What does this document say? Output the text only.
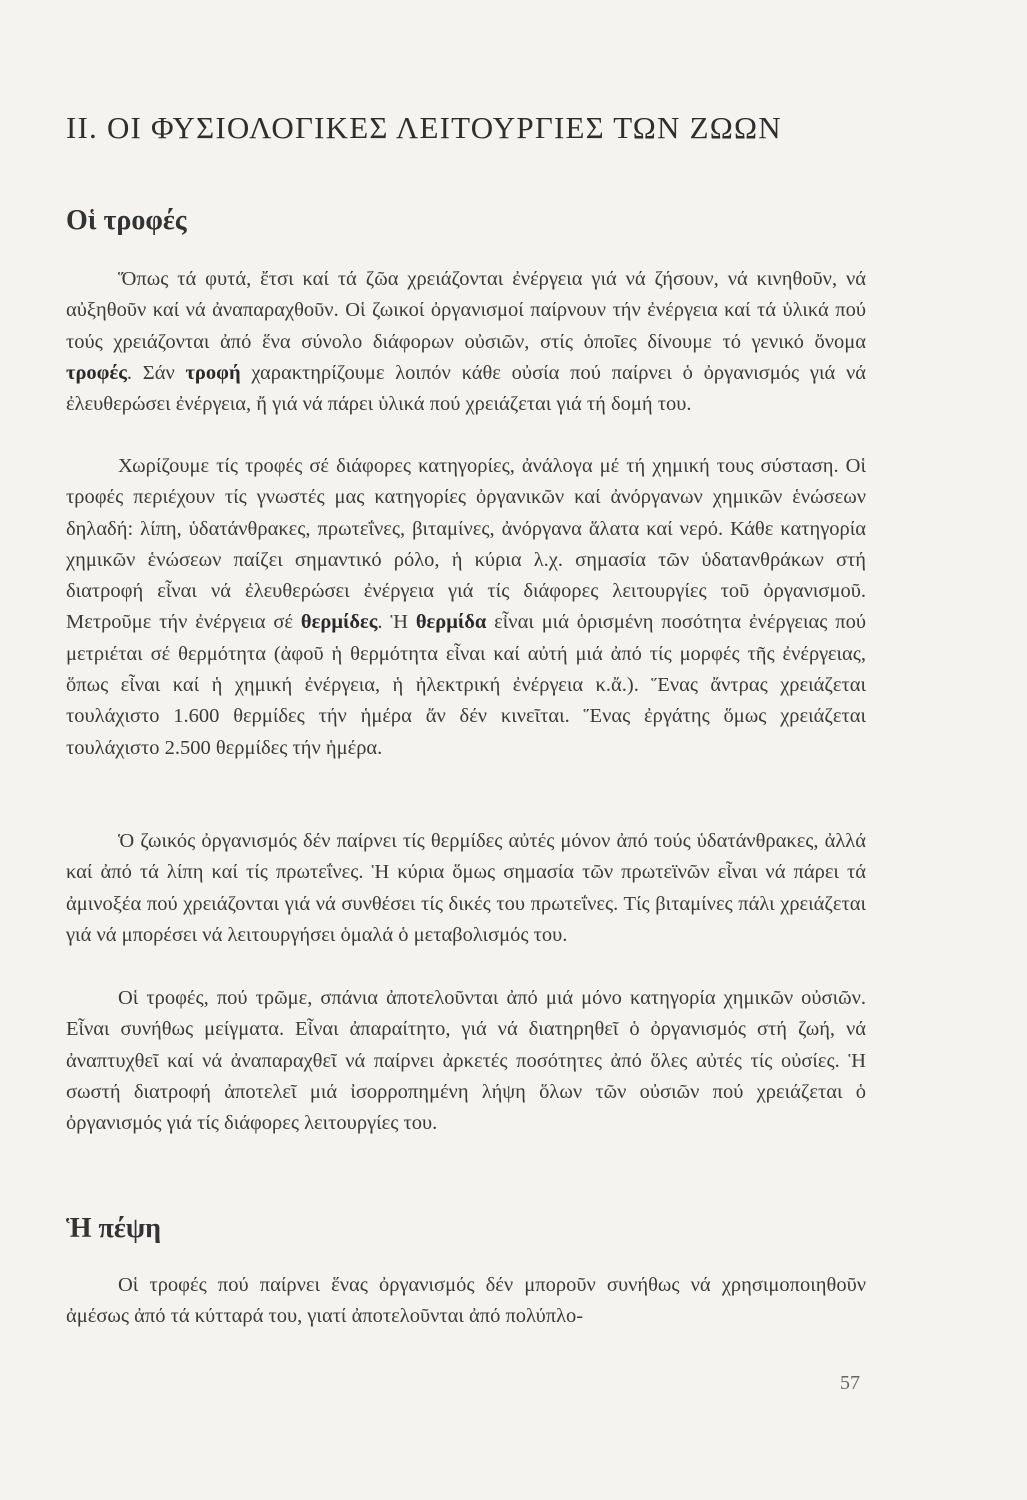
II. ΟΙ ΦΥΣΙΟΛΟΓΙΚΕΣ ΛΕΙΤΟΥΡΓΙΕΣ ΤΩΝ ΖΩΩΝ
Οἱ τροφές

Ὅπως τά φυτά, ἔτσι καί τά ζῶα χρειάζονται ἐνέργεια γιά νά ζήσουν, νά κινηθοῦν, νά αὐξηθοῦν καί νά ἀναπαραχθοῦν. Οἱ ζωικοί ὀργανισμοί παίρνουν τήν ἐνέργεια καί τά ὑλικά πού τούς χρειάζονται ἀπό ἕνα σύνολο διάφορων οὐσιῶν, στίς ὁποῖες δίνουμε τό γενικό ὄνομα τροφές. Σάν τροφή χαρακτηρίζουμε λοιπόν κάθε οὐσία πού παίρνει ὁ ὀργανισμός γιά νά ἐλευθερώσει ἐνέργεια, ἤ γιά νά πάρει ὑλικά πού χρειάζεται γιά τή δομή του.

Χωρίζουμε τίς τροφές σέ διάφορες κατηγορίες, ἀνάλογα μέ τή χημική τους σύσταση. Οἱ τροφές περιέχουν τίς γνωστές μας κατηγορίες ὀργανικῶν καί ἀνόργανων χημικῶν ἑνώσεων δηλαδή: λίπη, ὑδατάνθρακες, πρωτεΐνες, βιταμίνες, ἀνόργανα ἅλατα καί νερό. Κάθε κατηγορία χημικῶν ἑνώσεων παίζει σημαντικό ρόλο, ἡ κύρια λ.χ. σημασία τῶν ὑδατανθράκων στή διατροφή εἶναι νά ἐλευθερώσει ἐνέργεια γιά τίς διάφορες λειτουργίες τοῦ ὀργανισμοῦ. Μετροῦμε τήν ἐνέργεια σέ θερμίδες. Ἡ θερμίδα εἶναι μιά ὁρισμένη ποσότητα ἐνέργειας πού μετριέται σέ θερμότητα (ἀφοῦ ἡ θερμότητα εἶναι καί αὐτή μιά ἀπό τίς μορφές τῆς ἐνέργειας, ὅπως εἶναι καί ἡ χημική ἐνέργεια, ἡ ἠλεκτρική ἐνέργεια κ.ἄ.). Ἕνας ἄντρας χρειάζεται τουλάχιστο 1.600 θερμίδες τήν ἡμέρα ἄν δέν κινεῖται. Ἕνας ἐργάτης ὅμως χρειάζεται τουλάχιστο 2.500 θερμίδες τήν ἡμέρα.

Ὁ ζωικός ὀργανισμός δέν παίρνει τίς θερμίδες αὐτές μόνον ἀπό τούς ὑδατάνθρακες, ἀλλά καί ἀπό τά λίπη καί τίς πρωτεΐνες. Ἡ κύρια ὅμως σημασία τῶν πρωτεϊνῶν εἶναι νά πάρει τά ἀμινοξέα πού χρειάζονται γιά νά συνθέσει τίς δικές του πρωτεΐνες. Τίς βιταμίνες πάλι χρειάζεται γιά νά μπορέσει νά λειτουργήσει ὁμαλά ὁ μεταβολισμός του.

Οἱ τροφές, πού τρῶμε, σπάνια ἀποτελοῦνται ἀπό μιά μόνο κατηγορία χημικῶν οὐσιῶν. Εἶναι συνήθως μείγματα. Εἶναι ἀπαραίτητο, γιά νά διατηρηθεῖ ὁ ὀργανισμός στή ζωή, νά ἀναπτυχθεῖ καί νά ἀναπαραχθεῖ νά παίρνει ἀρκετές ποσότητες ἀπό ὅλες αὐτές τίς οὐσίες. Ἡ σωστή διατροφή ἀποτελεῖ μιά ἰσορροπημένη λήψη ὅλων τῶν οὐσιῶν πού χρειάζεται ὁ ὀργανισμός γιά τίς διάφορες λειτουργίες του.

Ἡ πέψη

Οἱ τροφές πού παίρνει ἕνας ὀργανισμός δέν μποροῦν συνήθως νά χρησιμοποιηθοῦν ἀμέσως ἀπό τά κύτταρά του, γιατί ἀποτελοῦνται ἀπό πολύπλο-

57
